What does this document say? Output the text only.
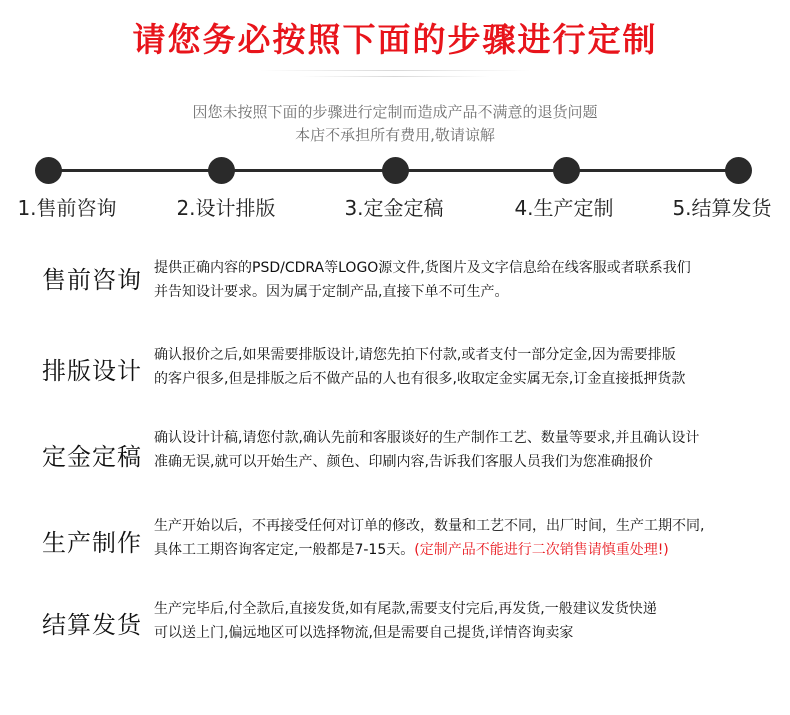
请您务必按照下面的步骤进行定制
因您未按照下面的步骤进行定制而造成产品不满意的退货问题
本店不承担所有费用,敬请谅解
1.售前咨询	2.设计排版	3.定金定稿	4.生产定制	5.结算发货
售前咨询 提供正确内容的PSD/CDRA等LOGO源文件,货图片及文字信息给在线客服或者联系我们
并告知设计要求。因为属于定制产品,直接下单不可生产。
排版设计
确认报价之后,如果需要排版设计,请您先拍下付款,或者支付一部分定金,因为需要排版
的客户很多,但是排版之后不做产品的人也有很多,收取定金实属无奈,订金直接抵押货款
定金定稿
确认设计计稿,请您付款,确认先前和客服谈好的生产制作工艺、数量等要求,并且确认设计
准确无误,就可以开始生产、颜色、印刷内容,告诉我们客服人员我们为您准确报价
生产制作
生产开始以后，不再接受任何对订单的修改，数量和工艺不同，出厂时间，生产工期不同,
具体工工期咨询客定定,一般都是7-15天。(定制产品不能进行二次销售请慎重处理!)
结算发货
生产完毕后,付全款后,直接发货,如有尾款,需要支付完后,再发货,一般建议发货快递
可以送上门,偏远地区可以选择物流,但是需要自己提货,详情咨询卖家
